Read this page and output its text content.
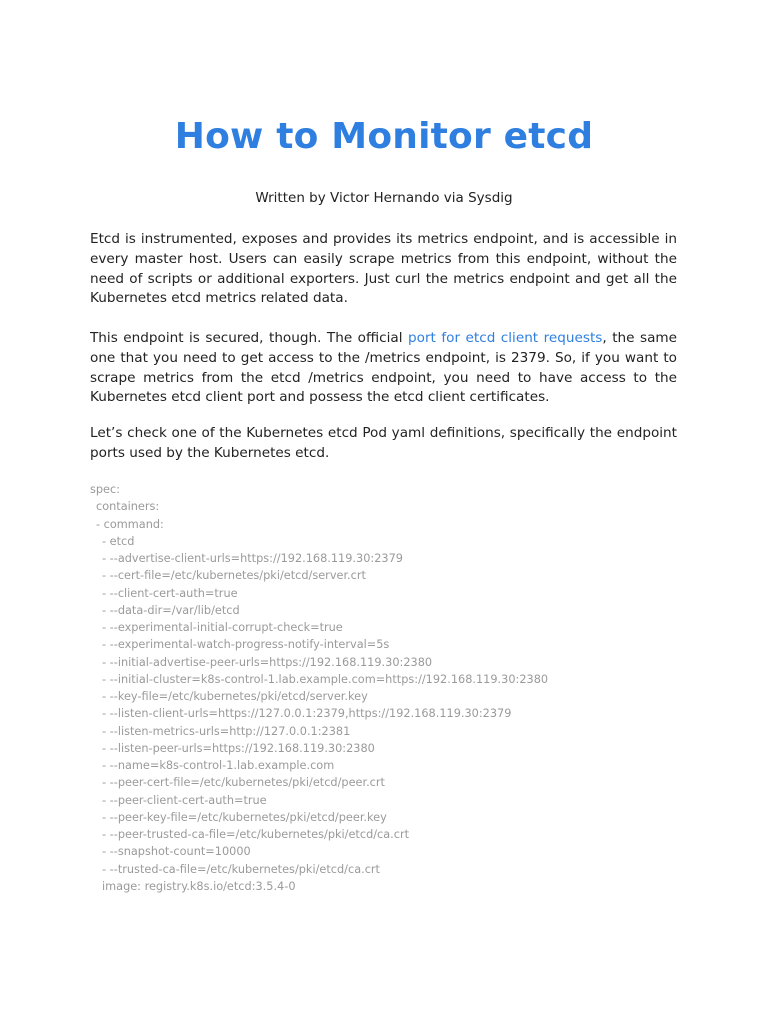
How to Monitor etcd
Written by Victor Hernando via Sysdig
Etcd is instrumented, exposes and provides its metrics endpoint, and is accessible in every master host. Users can easily scrape metrics from this endpoint, without the need of scripts or additional exporters. Just curl the metrics endpoint and get all the Kubernetes etcd metrics related data.
This endpoint is secured, though. The official port for etcd client requests, the same one that you need to get access to the /metrics endpoint, is 2379. So, if you want to scrape metrics from the etcd /metrics endpoint, you need to have access to the Kubernetes etcd client port and possess the etcd client certificates.
Let’s check one of the Kubernetes etcd Pod yaml definitions, specifically the endpoint ports used by the Kubernetes etcd.
spec:
containers:
- command:
- etcd
- --advertise-client-urls=https://192.168.119.30:2379
- --cert-file=/etc/kubernetes/pki/etcd/server.crt
- --client-cert-auth=true
- --data-dir=/var/lib/etcd
- --experimental-initial-corrupt-check=true
- --experimental-watch-progress-notify-interval=5s
- --initial-advertise-peer-urls=https://192.168.119.30:2380
- --initial-cluster=k8s-control-1.lab.example.com=https://192.168.119.30:2380
- --key-file=/etc/kubernetes/pki/etcd/server.key
- --listen-client-urls=https://127.0.0.1:2379,https://192.168.119.30:2379
- --listen-metrics-urls=http://127.0.0.1:2381
- --listen-peer-urls=https://192.168.119.30:2380
- --name=k8s-control-1.lab.example.com
- --peer-cert-file=/etc/kubernetes/pki/etcd/peer.crt
- --peer-client-cert-auth=true
- --peer-key-file=/etc/kubernetes/pki/etcd/peer.key
- --peer-trusted-ca-file=/etc/kubernetes/pki/etcd/ca.crt
- --snapshot-count=10000
- --trusted-ca-file=/etc/kubernetes/pki/etcd/ca.crt
image: registry.k8s.io/etcd:3.5.4-0
